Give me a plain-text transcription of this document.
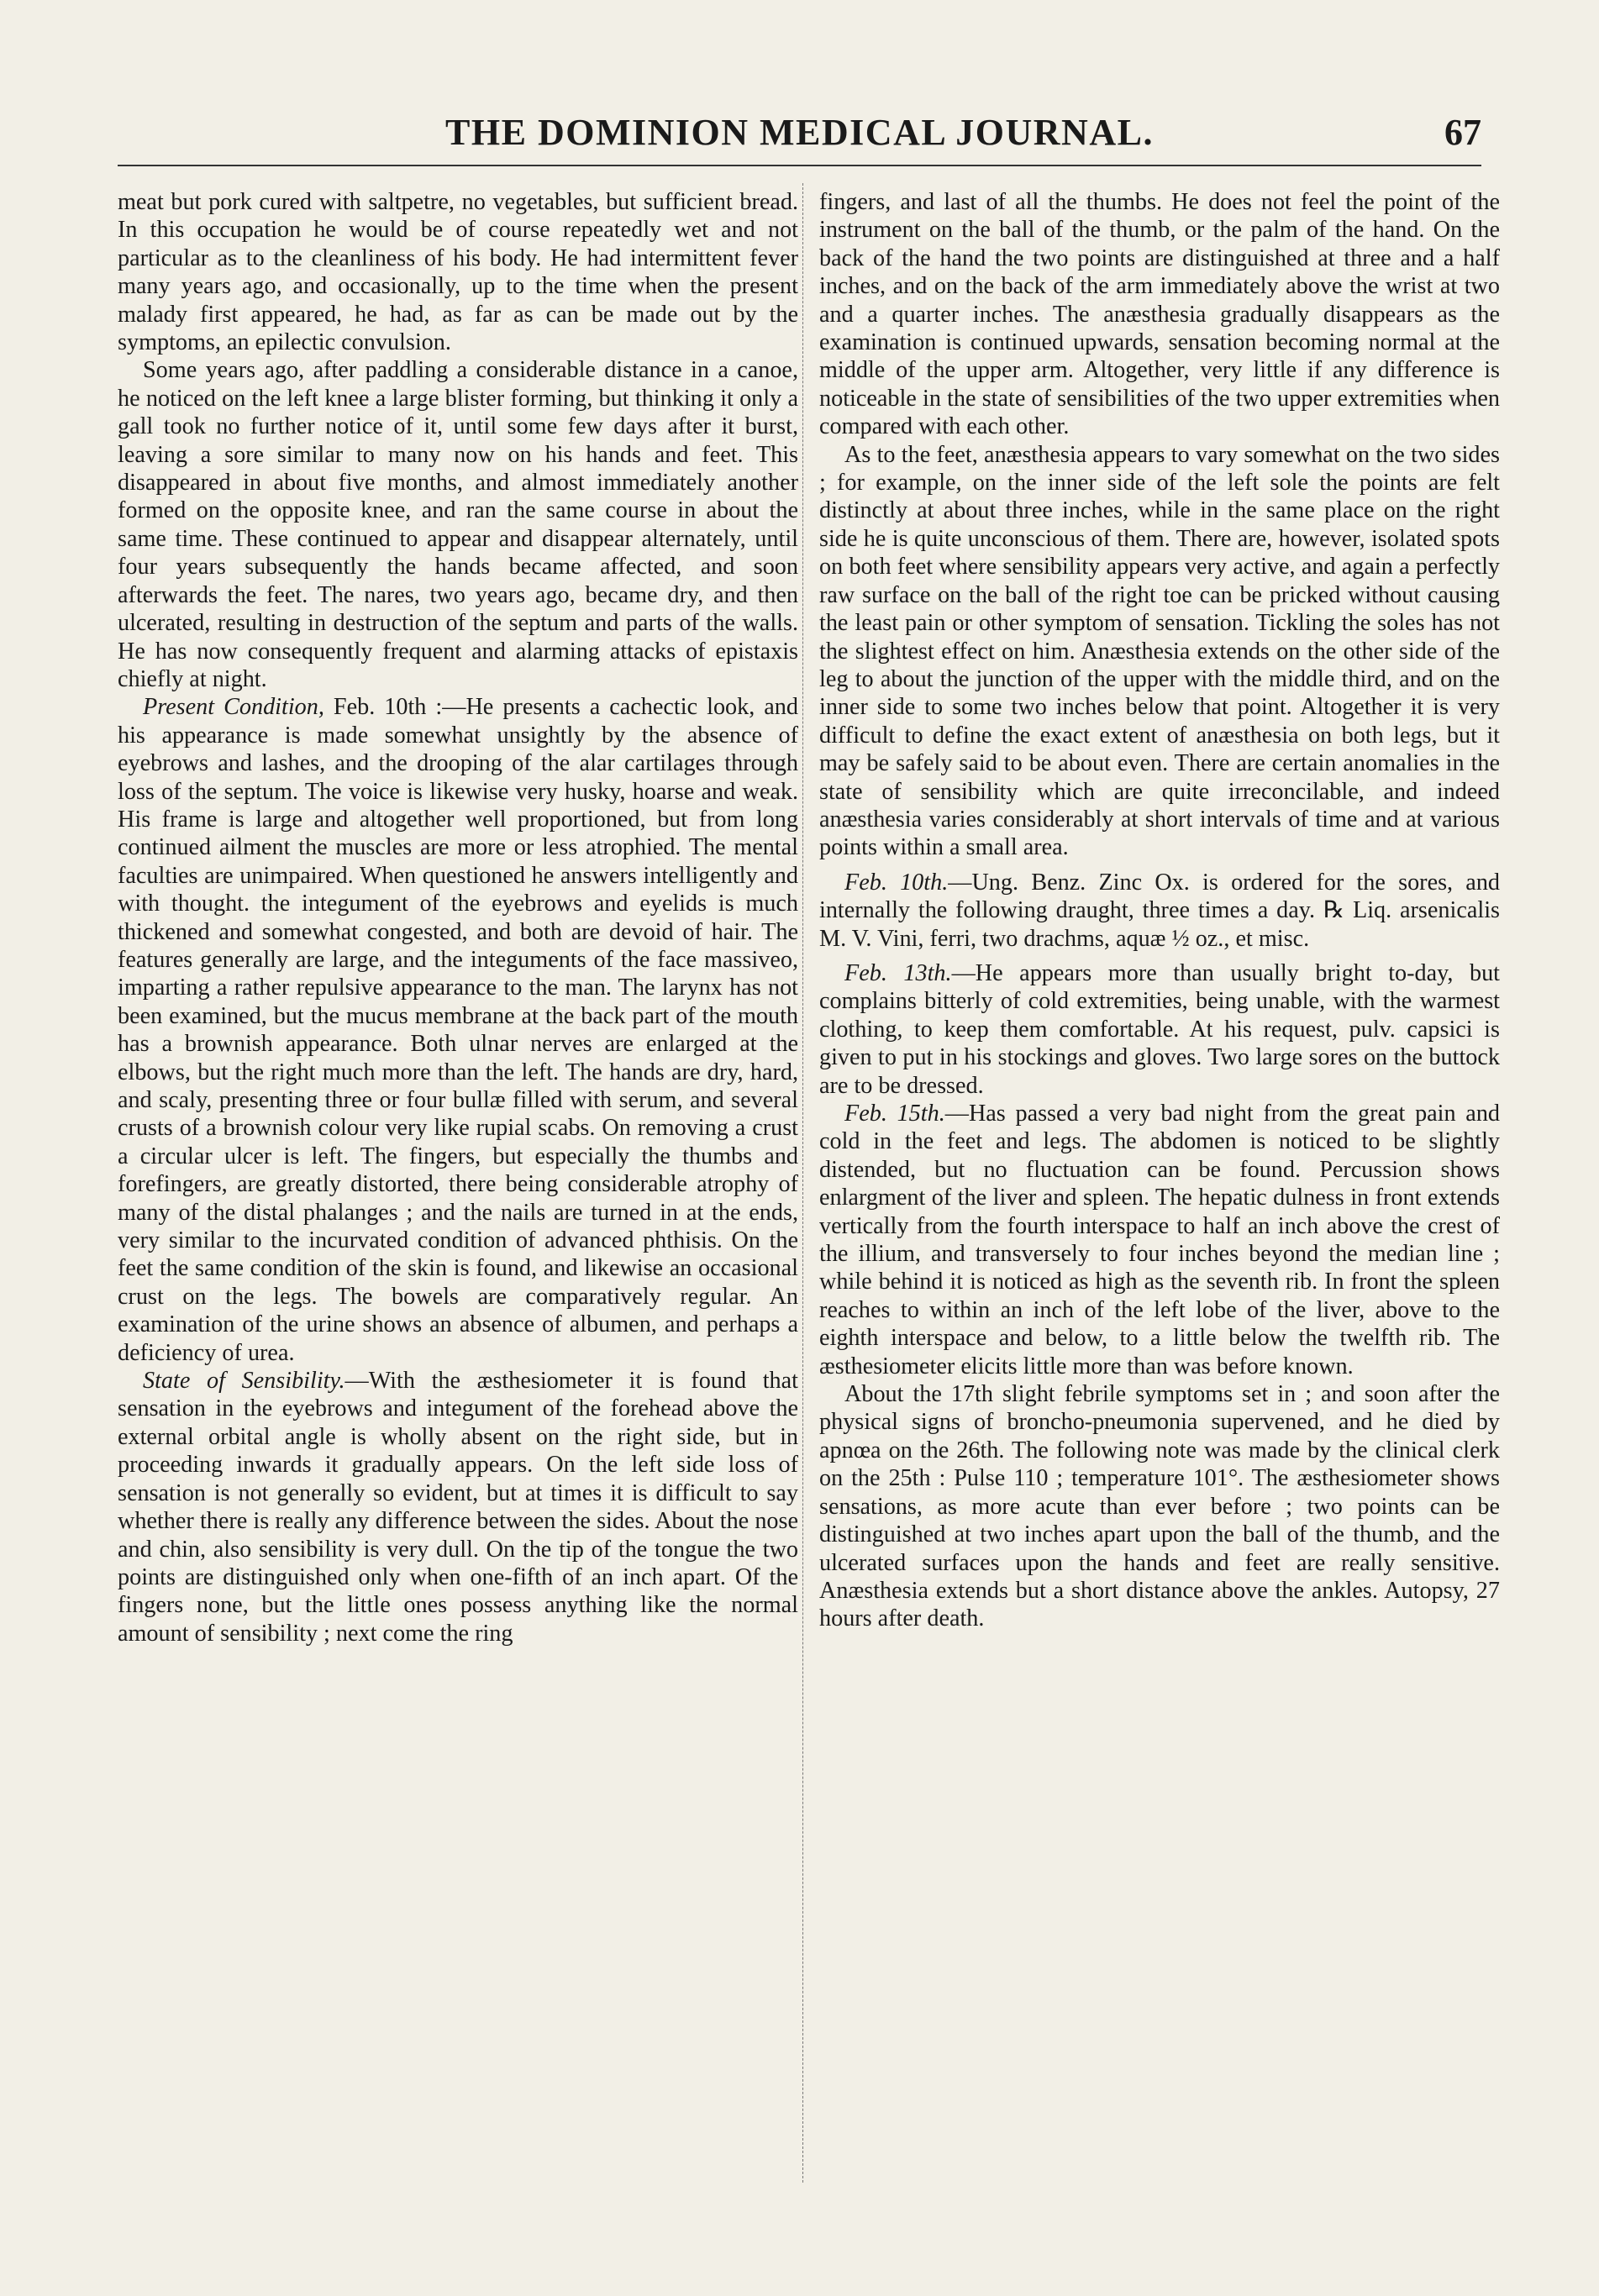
THE DOMINION MEDICAL JOURNAL.	67

meat but pork cured with saltpetre, no vegetables, but sufficient bread. In this occupation he would be of course repeatedly wet and not particular as to the cleanliness of his body. He had intermittent fever many years ago, and occasionally, up to the time when the present malady first appeared, he had, as far as can be made out by the symptoms, an epilectic convulsion.

Some years ago, after paddling a considerable distance in a canoe, he noticed on the left knee a large blister forming, but thinking it only a gall took no further notice of it, until some few days after it burst, leaving a sore similar to many now on his hands and feet. This disappeared in about five months, and almost immediately another formed on the opposite knee, and ran the same course in about the same time. These continued to appear and disappear alternately, until four years subsequently the hands became affected, and soon afterwards the feet. The nares, two years ago, became dry, and then ulcerated, resulting in destruction of the septum and parts of the walls. He has now consequently frequent and alarming attacks of epistaxis chiefly at night.

Present Condition, Feb. 10th :—He presents a cachectic look, and his appearance is made somewhat unsightly by the absence of eyebrows and lashes, and the drooping of the alar cartilages through loss of the septum. The voice is likewise very husky, hoarse and weak. His frame is large and altogether well proportioned, but from long continued ailment the muscles are more or less atrophied. The mental faculties are unimpaired. When questioned he answers intelligently and with thought. the integument of the eyebrows and eyelids is much thickened and somewhat congested, and both are devoid of hair. The features generally are large, and the integuments of the face massiveo, imparting a rather repulsive appearance to the man. The larynx has not been examined, but the mucus membrane at the back part of the mouth has a brownish appearance. Both ulnar nerves are enlarged at the elbows, but the right much more than the left. The hands are dry, hard, and scaly, presenting three or four bullæ filled with serum, and several crusts of a brownish colour very like rupial scabs. On removing a crust a circular ulcer is left. The fingers, but especially the thumbs and forefingers, are greatly distorted, there being considerable atrophy of many of the distal phalanges ; and the nails are turned in at the ends, very similar to the incurvated condition of advanced phthisis. On the feet the same condition of the skin is found, and likewise an occasional crust on the legs. The bowels are comparatively regular. An examination of the urine shows an absence of albumen, and perhaps a deficiency of urea.

State of Sensibility.—With the æsthesiometer it is found that sensation in the eyebrows and integument of the forehead above the external orbital angle is wholly absent on the right side, but in proceeding inwards it gradually appears. On the left side loss of sensation is not generally so evident, but at times it is difficult to say whether there is really any difference between the sides. About the nose and chin, also sensibility is very dull. On the tip of the tongue the two points are distinguished only when one-fifth of an inch apart. Of the fingers none, but the little ones possess anything like the normal amount of sensibility ; next come the ring

fingers, and last of all the thumbs. He does not feel the point of the instrument on the ball of the thumb, or the palm of the hand. On the back of the hand the two points are distinguished at three and a half inches, and on the back of the arm immediately above the wrist at two and a quarter inches. The anæsthesia gradually disappears as the examination is continued upwards, sensation becoming normal at the middle of the upper arm. Altogether, very little if any difference is noticeable in the state of sensibilities of the two upper extremities when compared with each other.

As to the feet, anæsthesia appears to vary somewhat on the two sides ; for example, on the inner side of the left sole the points are felt distinctly at about three inches, while in the same place on the right side he is quite unconscious of them. There are, however, isolated spots on both feet where sensibility appears very active, and again a perfectly raw surface on the ball of the right toe can be pricked without causing the least pain or other symptom of sensation. Tickling the soles has not the slightest effect on him. Anæsthesia extends on the other side of the leg to about the junction of the upper with the middle third, and on the inner side to some two inches below that point. Altogether it is very difficult to define the exact extent of anæsthesia on both legs, but it may be safely said to be about even. There are certain anomalies in the state of sensibility which are quite irreconcilable, and indeed anæsthesia varies considerably at short intervals of time and at various points within a small area.

Feb. 10th.—Ung. Benz. Zinc Ox. is ordered for the sores, and internally the following draught, three times a day. ℞ Liq. arsenicalis M. V. Vini, ferri, two drachms, aquæ ½ oz., et misc.

Feb. 13th.—He appears more than usually bright to-day, but complains bitterly of cold extremities, being unable, with the warmest clothing, to keep them comfortable. At his request, pulv. capsici is given to put in his stockings and gloves. Two large sores on the buttock are to be dressed.

Feb. 15th.—Has passed a very bad night from the great pain and cold in the feet and legs. The abdomen is noticed to be slightly distended, but no fluctuation can be found. Percussion shows enlargment of the liver and spleen. The hepatic dulness in front extends vertically from the fourth interspace to half an inch above the crest of the illium, and transversely to four inches beyond the median line ; while behind it is noticed as high as the seventh rib. In front the spleen reaches to within an inch of the left lobe of the liver, above to the eighth interspace and below, to a little below the twelfth rib. The æsthesiometer elicits little more than was before known.

About the 17th slight febrile symptoms set in ; and soon after the physical signs of broncho-pneumonia supervened, and he died by apnœa on the 26th. The following note was made by the clinical clerk on the 25th : Pulse 110 ; temperature 101°. The æsthesiometer shows sensations, as more acute than ever before ; two points can be distinguished at two inches apart upon the ball of the thumb, and the ulcerated surfaces upon the hands and feet are really sensitive. Anæsthesia extends but a short distance above the ankles. Autopsy, 27 hours after death.
